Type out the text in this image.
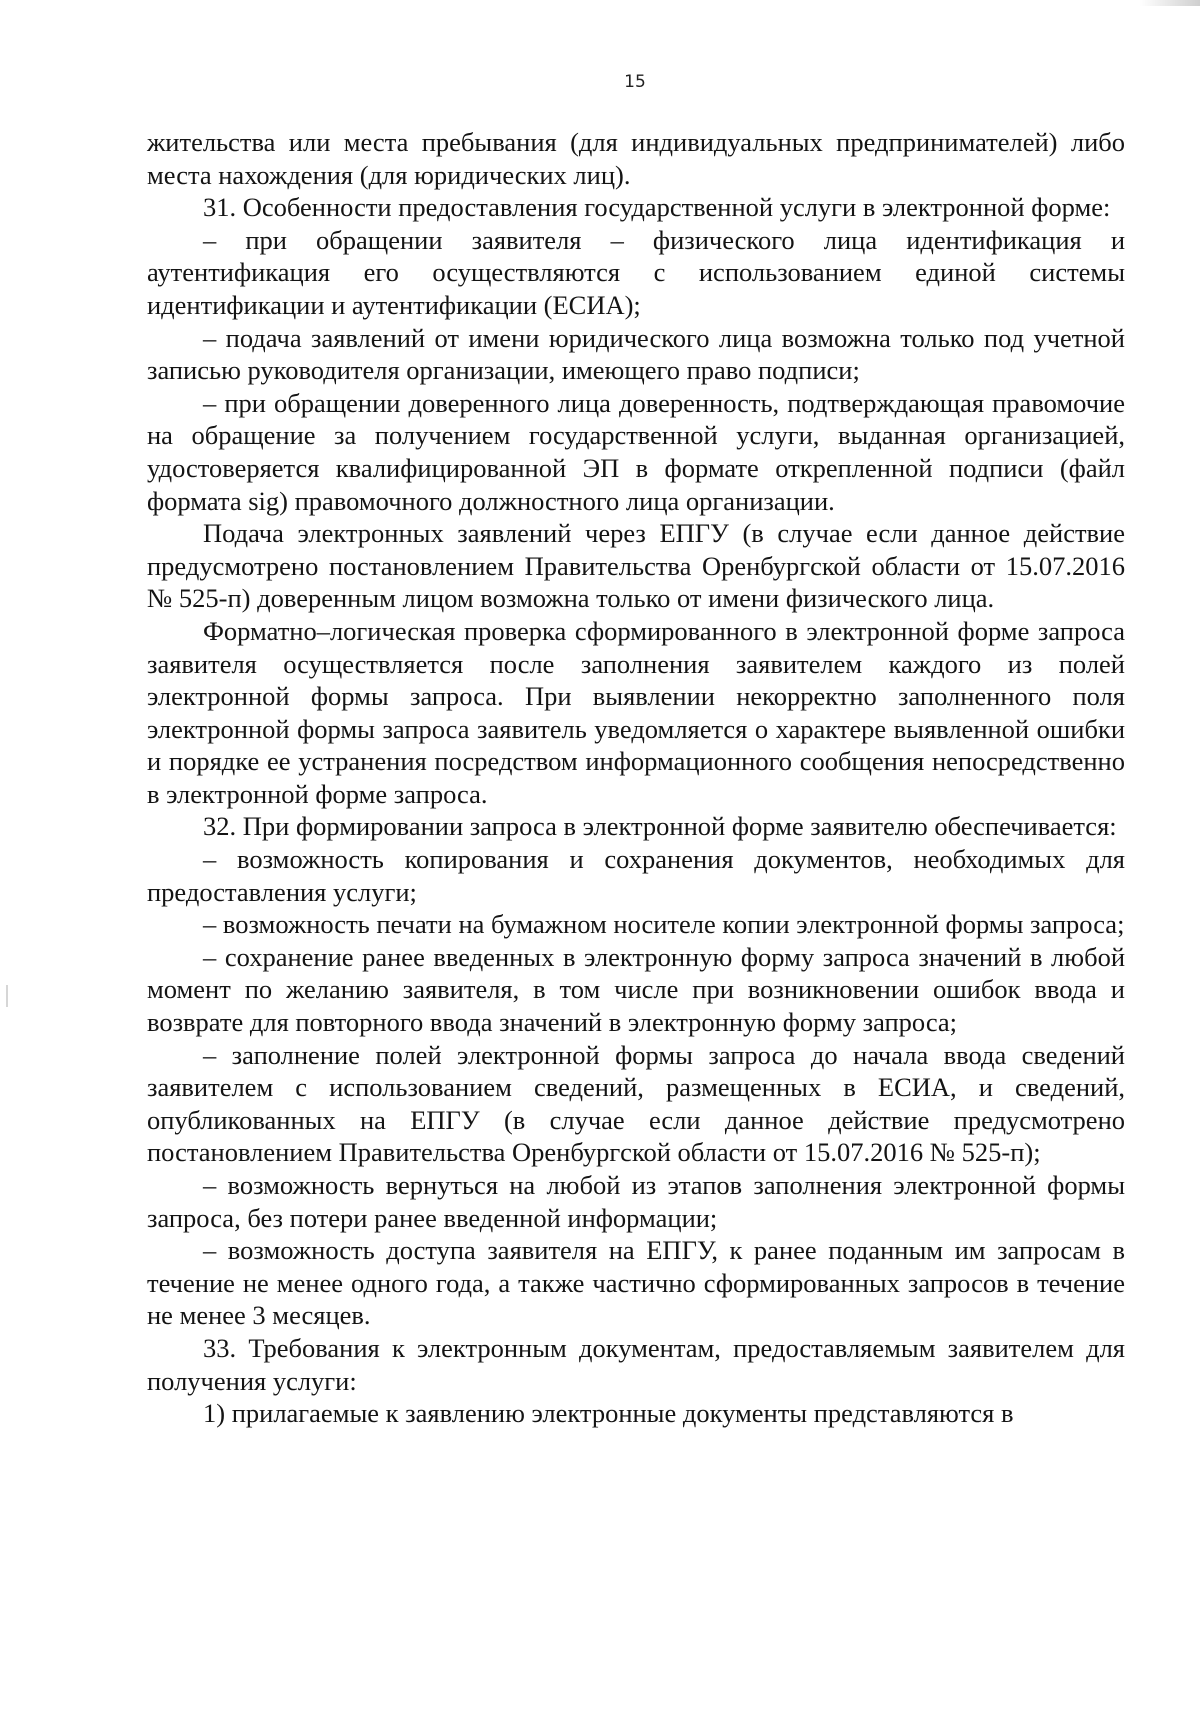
15

жительства или места пребывания (для индивидуальных предпринимателей) либо места нахождения (для юридических лиц).

31. Особенности предоставления государственной услуги в электронной форме:

– при обращении заявителя – физического лица идентификация и аутентификация его осуществляются с использованием единой системы идентификации и аутентификации (ЕСИА);

– подача заявлений от имени юридического лица возможна только под учетной записью руководителя организации, имеющего право подписи;

– при обращении доверенного лица доверенность, подтверждающая правомочие на обращение за получением государственной услуги, выданная организацией, удостоверяется квалифицированной ЭП в формате открепленной подписи (файл формата sig) правомочного должностного лица организации.

Подача электронных заявлений через ЕПГУ (в случае если данное действие предусмотрено постановлением Правительства Оренбургской области от 15.07.2016 № 525-п) доверенным лицом возможна только от имени физического лица.

Форматно–логическая проверка сформированного в электронной форме запроса заявителя осуществляется после заполнения заявителем каждого из полей электронной формы запроса. При выявлении некорректно заполненного поля электронной формы запроса заявитель уведомляется о характере выявленной ошибки и порядке ее устранения посредством информационного сообщения непосредственно в электронной форме запроса.

32. При формировании запроса в электронной форме заявителю обеспечивается:

– возможность копирования и сохранения документов, необходимых для предоставления услуги;

– возможность печати на бумажном носителе копии электронной формы запроса;

– сохранение ранее введенных в электронную форму запроса значений в любой момент по желанию заявителя, в том числе при возникновении ошибок ввода и возврате для повторного ввода значений в электронную форму запроса;

– заполнение полей электронной формы запроса до начала ввода сведений заявителем с использованием сведений, размещенных в ЕСИА, и сведений, опубликованных на ЕПГУ (в случае если данное действие предусмотрено постановлением Правительства Оренбургской области от 15.07.2016 № 525-п);

– возможность вернуться на любой из этапов заполнения электронной формы запроса, без потери ранее введенной информации;

– возможность доступа заявителя на ЕПГУ, к ранее поданным им запросам в течение не менее одного года, а также частично сформированных запросов в течение не менее 3 месяцев.

33. Требования к электронным документам, предоставляемым заявителем для получения услуги:

1) прилагаемые к заявлению электронные документы представляются в
